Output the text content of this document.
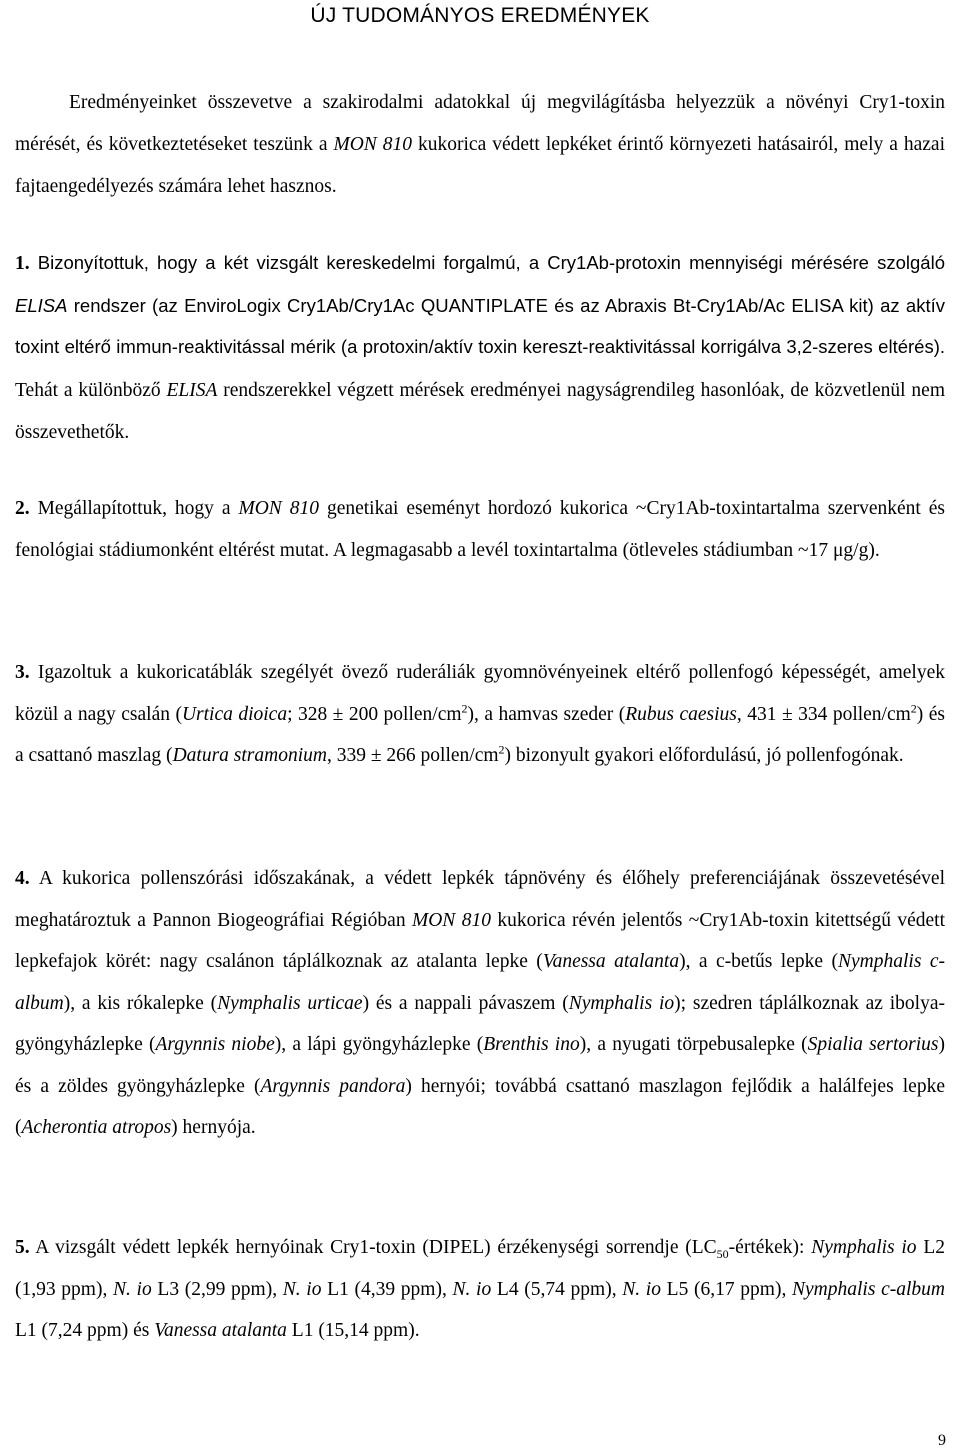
ÚJ TUDOMÁNYOS EREDMÉNYEK

Eredményeinket összevetve a szakirodalmi adatokkal új megvilágításba helyezzük a növényi Cry1-toxin mérését, és következtetéseket teszünk a MON 810 kukorica védett lepkéket érintő környezeti hatásairól, mely a hazai fajtaengedélyezés számára lehet hasznos.

1. Bizonyítottuk, hogy a két vizsgált kereskedelmi forgalmú, a Cry1Ab-protoxin mennyiségi mérésére szolgáló ELISA rendszer (az EnviroLogix Cry1Ab/Cry1Ac QUANTIPLATE és az Abraxis Bt-Cry1Ab/Ac ELISA kit) az aktív toxint eltérő immun-reaktivitással mérik (a protoxin/aktív toxin kereszt-reaktivitással korrigálva 3,2-szeres eltérés). Tehát a különböző ELISA rendszerekkel végzett mérések eredményei nagyságrendileg hasonlóak, de közvetlenül nem összevethetők.

2. Megállapítottuk, hogy a MON 810 genetikai eseményt hordozó kukorica ~Cry1Ab-toxintartalma szervenként és fenológiai stádiumonként eltérést mutat. A legmagasabb a levél toxintartalma (ötleveles stádiumban ~17 μg/g).

3. Igazoltuk a kukoricatáblák szegélyét övező ruderáliák gyomnövényeinek eltérő pollenfogó képességét, amelyek közül a nagy csalán (Urtica dioica; 328 ± 200 pollen/$cm^2$), a hamvas szeder (Rubus caesius, 431 ± 334 pollen/$cm^2$) és a csattanó maszlag (Datura stramonium, 339 ± 266 pollen/$cm^2$) bizonyult gyakori előfordulású, jó pollenfogónak.

4. A kukorica pollenszórási időszakának, a védett lepkék tápnövény és élőhely preferenciájának összevetésével meghatároztuk a Pannon Biogeográfiai Régióban MON 810 kukorica révén jelentős ~Cry1Ab-toxin kitettségű védett lepkefajok körét: nagy csalánon táplálkoznak az atalanta lepke (Vanessa atalanta), a c-betűs lepke (Nymphalis c-album), a kis rókalepke (Nymphalis urticae) és a nappali pávaszem (Nymphalis io); szedren táplálkoznak az ibolya-gyöngyházlepke (Argynnis niobe), a lápi gyöngyházlepke (Brenthis ino), a nyugati törpebusalepke (Spialia sertorius) és a zöldes gyöngyházlepke (Argynnis pandora) hernyói; továbbá csattanó maszlagon fejlődik a halálfejes lepke (Acherontia atropos) hernyója.

5. A vizsgált védett lepkék hernyóinak Cry1-toxin (DIPEL) érzékenységi sorrendje $(LC_{50}-értékek)$: Nymphalis io L2 (1,93 ppm), N. io L3 (2,99 ppm), N. io L1 (4,39 ppm), N. io L4 (5,74 ppm), N. io L5 (6,17 ppm), Nymphalis c-album L1 (7,24 ppm) és Vanessa atalanta L1 (15,14 ppm).

9
